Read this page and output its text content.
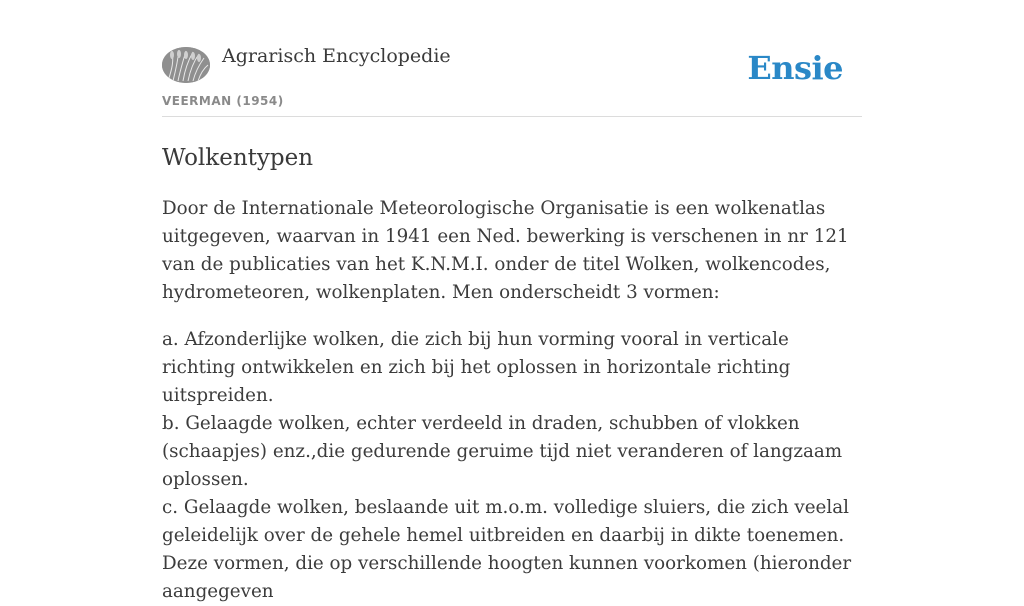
Agrarisch Encyclopedie
VEERMAN (1954)
Ensie
Wolkentypen

Door de Internationale Meteorologische Organisatie is een wolkenatlas uitgegeven, waarvan in 1941 een Ned. bewerking is verschenen in nr 121 van de publicaties van het K.N.M.I. onder de titel Wolken, wolkencodes, hydrometeoren, wolkenplaten. Men onderscheidt 3 vormen:

a. Afzonderlijke wolken, die zich bij hun vorming vooral in verticale richting ontwikkelen en zich bij het oplossen in horizontale richting uitspreiden.

b. Gelaagde wolken, echter verdeeld in draden, schubben of vlokken (schaapjes) enz.,die gedurende geruime tijd niet veranderen of langzaam oplossen.

c. Gelaagde wolken, beslaande uit m.o.m. volledige sluiers, die zich veelal geleidelijk over de gehele hemel uitbreiden en daarbij in dikte toenemen. Deze vormen, die op verschillende hoogten kunnen voorkomen (hieronder aangegeven
